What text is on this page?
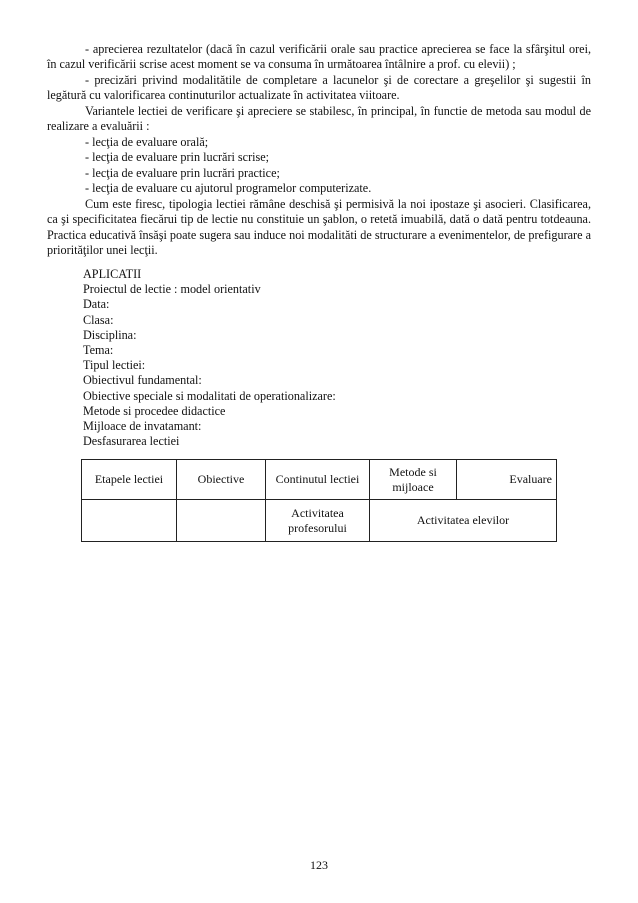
- aprecierea rezultatelor (dacă în cazul verificării orale sau practice aprecierea se face la sfârşitul orei, în cazul verificării scrise acest moment se va consuma în următoarea întâlnire a prof. cu elevii) ;

- precizări privind modalitătile de completare a lacunelor şi de corectare a greşelilor şi sugestii în legătură cu valorificarea continuturilor actualizate în activitatea viitoare.

Variantele lectiei de verificare şi apreciere se stabilesc, în principal, în functie de metoda sau modul de realizare a evaluării :

- lecţia de evaluare orală;

- lecţia de evaluare prin lucrări scrise;

- lecţia de evaluare prin lucrări practice;

- lecţia de evaluare cu ajutorul programelor computerizate.

Cum este firesc, tipologia lectiei rămâne deschisă şi permisivă la noi ipostaze şi asocieri. Clasificarea, ca şi specificitatea fiecărui tip de lectie nu constituie un şablon, o retetă imuabilă, dată o dată pentru totdeauna. Practica educativă însăşi poate sugera sau induce noi modalităti de structurare a evenimentelor, de prefigurare a priorităţilor unei lecţii.

APLICATII
Proiectul de lectie : model orientativ
Data:
Clasa:
Disciplina:
Tema:
Tipul lectiei:
Obiectivul fundamental:
Obiective speciale si modalitati de operationalizare:
Metode si procedee didactice
Mijloace de invatamant:
Desfasurarea lectiei
Etapele lectiei	Obiective	Continutul lectiei	Metode si mijloace	Evaluare
		Activitatea profesorului	Activitatea elevilor	
123
